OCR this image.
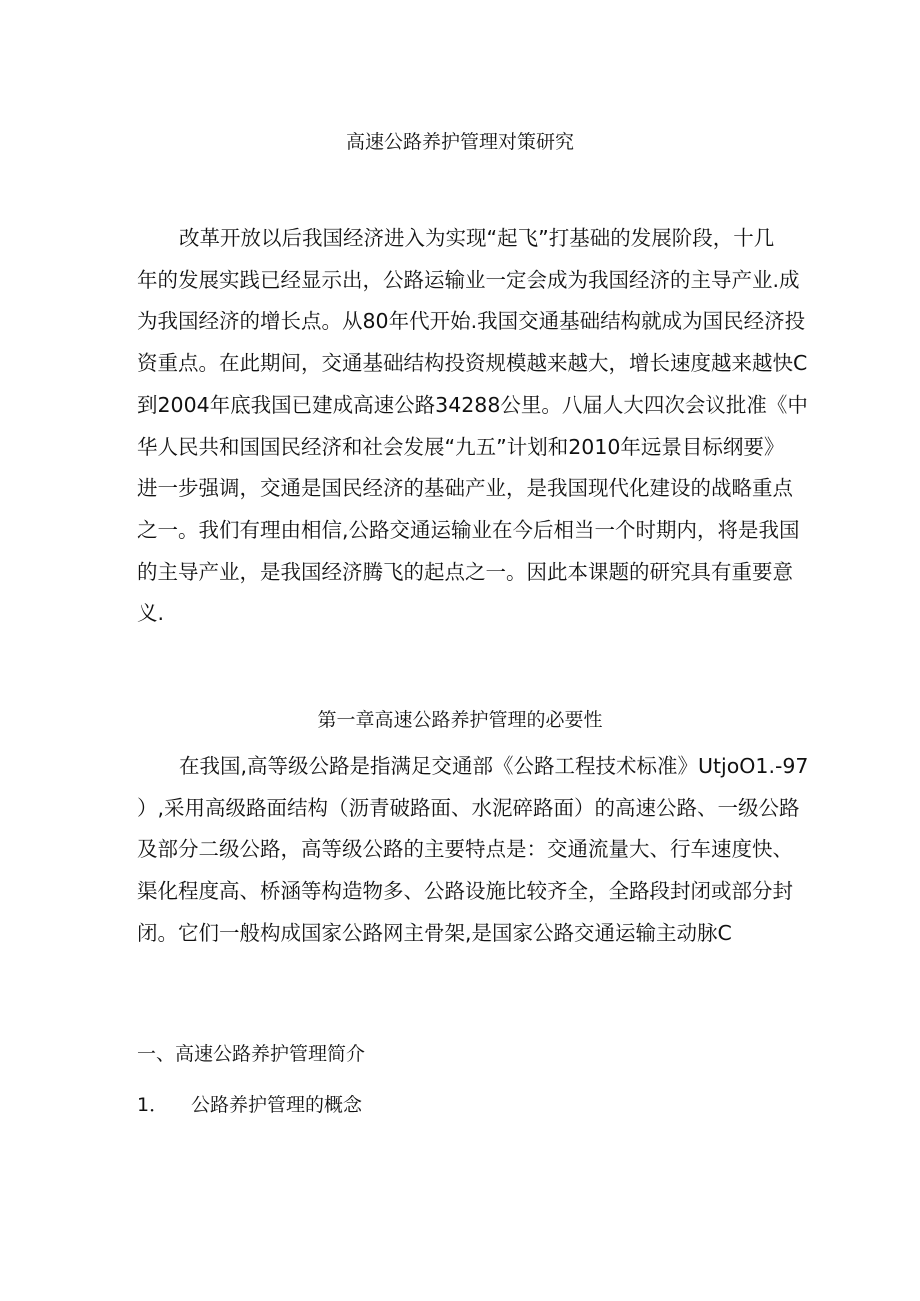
高速公路养护管理对策研究
改革开放以后我国经济进入为实现“起飞”打基础的发展阶段，十几
年的发展实践已经显示出，公路运输业一定会成为我国经济的主导产业.成
为我国经济的增长点。从80年代开始.我国交通基础结构就成为国民经济投
资重点。在此期间，交通基础结构投资规模越来越大，增长速度越来越快C
到2004年底我国已建成高速公路34288公里。八届人大四次会议批准《中
华人民共和国国民经济和社会发展“九五”计划和2010年远景目标纲要》
进一步强调，交通是国民经济的基础产业，是我国现代化建设的战略重点
之一。我们有理由相信,公路交通运输业在今后相当一个时期内，将是我国
的主导产业，是我国经济腾飞的起点之一。因此本课题的研究具有重要意
义.
第一章高速公路养护管理的必要性
在我国,高等级公路是指满足交通部《公路工程技术标准》UtjoO1.-97
）,采用高级路面结构（沥青破路面、水泥碎路面）的高速公路、一级公路
及部分二级公路，高等级公路的主要特点是：交通流量大、行车速度快、
渠化程度高、桥涵等构造物多、公路设施比较齐全，全路段封闭或部分封
闭。它们一般构成国家公路网主骨架,是国家公路交通运输主动脉C
一、高速公路养护管理简介
1． 公路养护管理的概念
